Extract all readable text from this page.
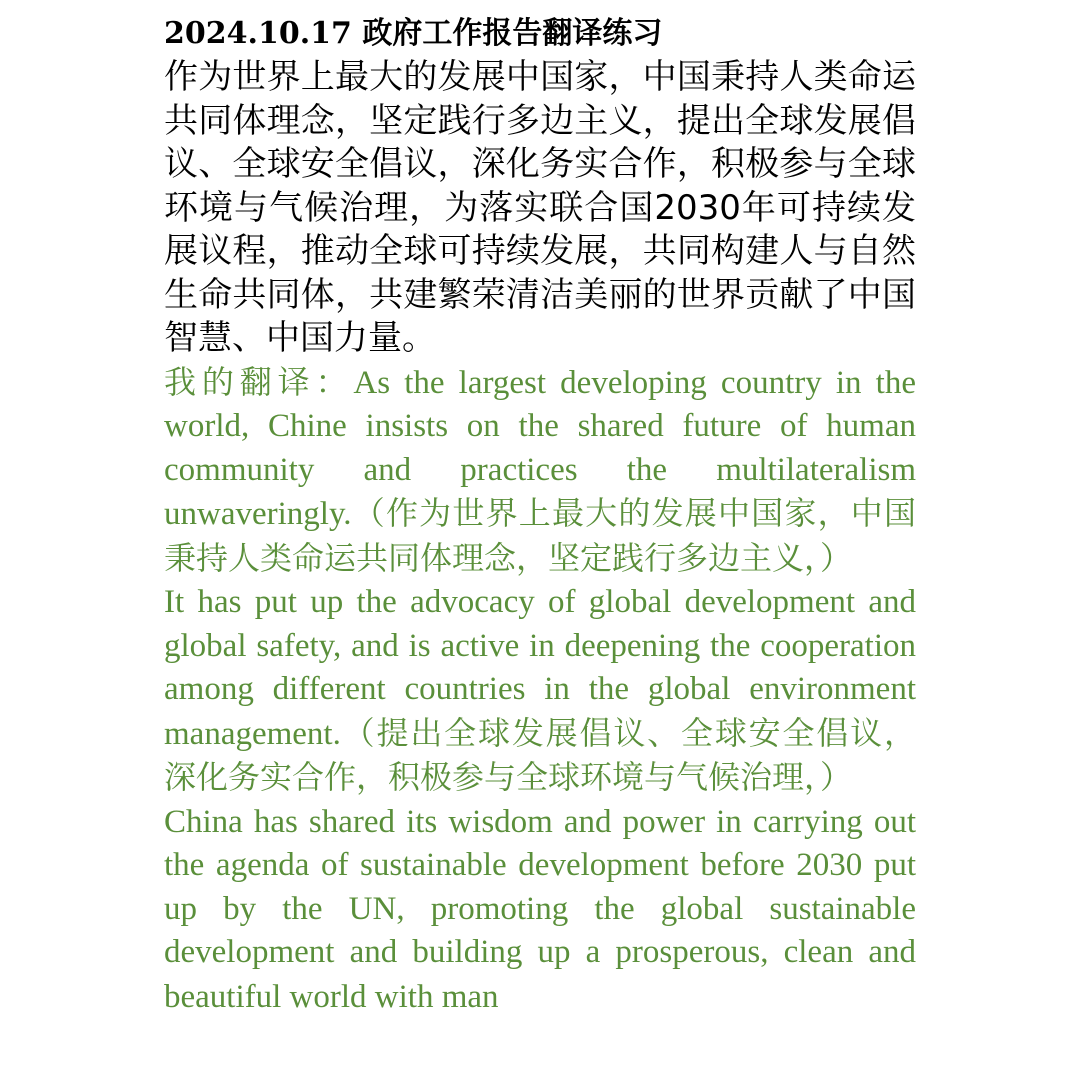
2024.10.17 政府工作报告翻译练习

作为世界上最大的发展中国家，中国秉持人类命运共同体理念，坚定践行多边主义，提出全球发展倡议、全球安全倡议，深化务实合作，积极参与全球环境与气候治理，为落实联合国2030年可持续发展议程，推动全球可持续发展，共同构建人与自然生命共同体，共建繁荣清洁美丽的世界贡献了中国智慧、中国力量。

我的翻译：As the largest developing country in the world, Chine insists on the shared future of human community and practices the multilateralism unwaveringly.（作为世界上最大的发展中国家，中国秉持人类命运共同体理念，坚定践行多边主义，）

It has put up the advocacy of global development and global safety, and is active in deepening the cooperation among different countries in the global environment management.（提出全球发展倡议、全球安全倡议，深化务实合作，积极参与全球环境与气候治理，）

China has shared its wisdom and power in carrying out the agenda of sustainable development before 2030 put up by the UN, promoting the global sustainable development and building up a prosperous, clean and beautiful world with man
